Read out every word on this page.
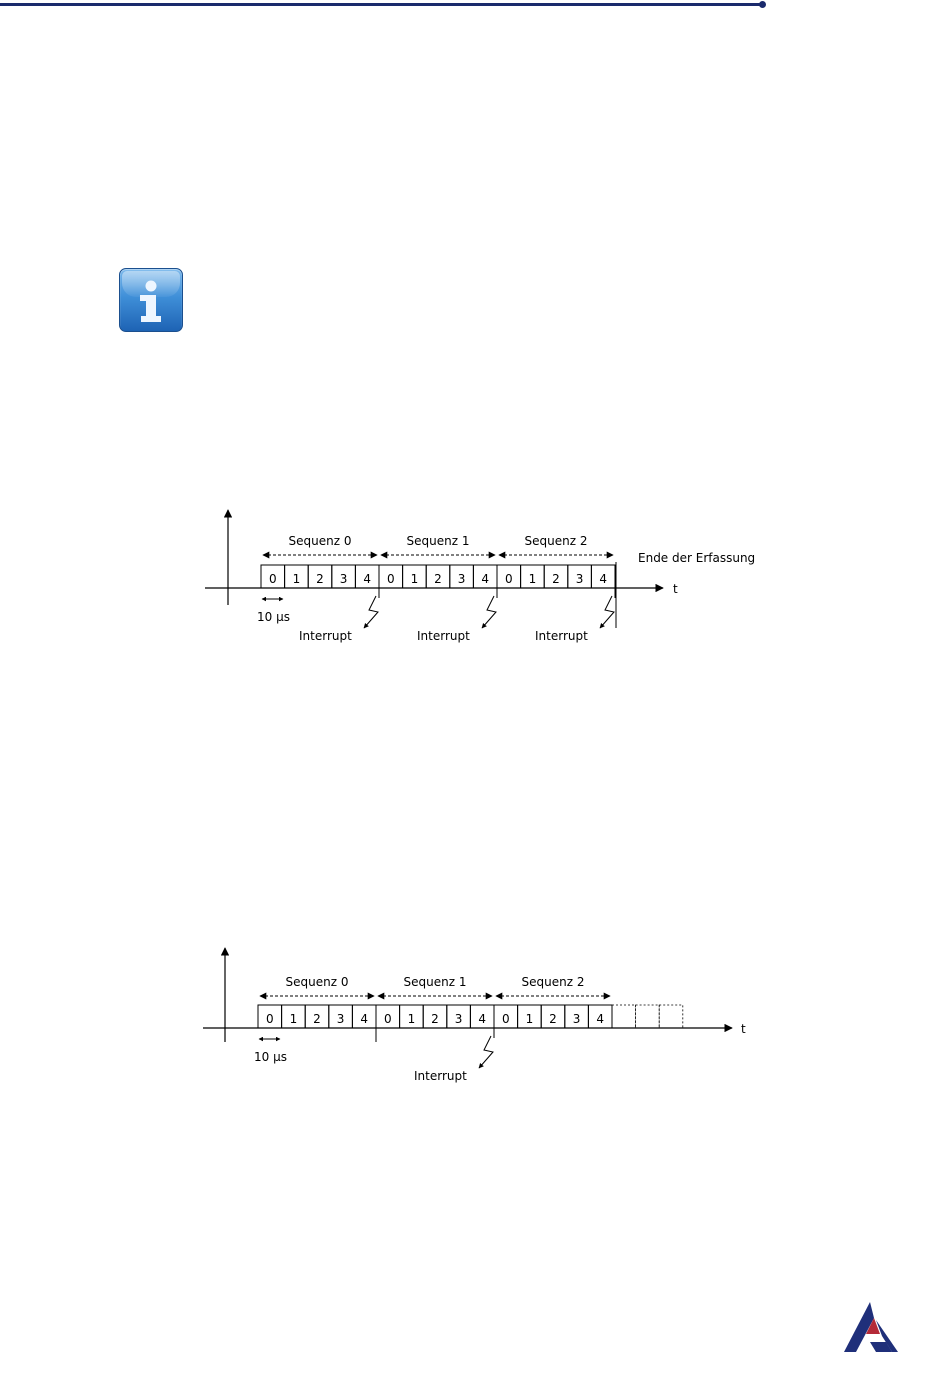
t
0 1 2 3 4 0 1 2 3 4 0 1 2 3 4
Sequenz 0	Sequenz 1	Sequenz 2
10 µs
Interrupt	Interrupt	Interrupt
Ende der Erfassung
t
0 1 2 3 4 0 1 2 3 4 0 1 2 3 4
Sequenz 0	Sequenz 1	Sequenz 2
10 µs
Interrupt
